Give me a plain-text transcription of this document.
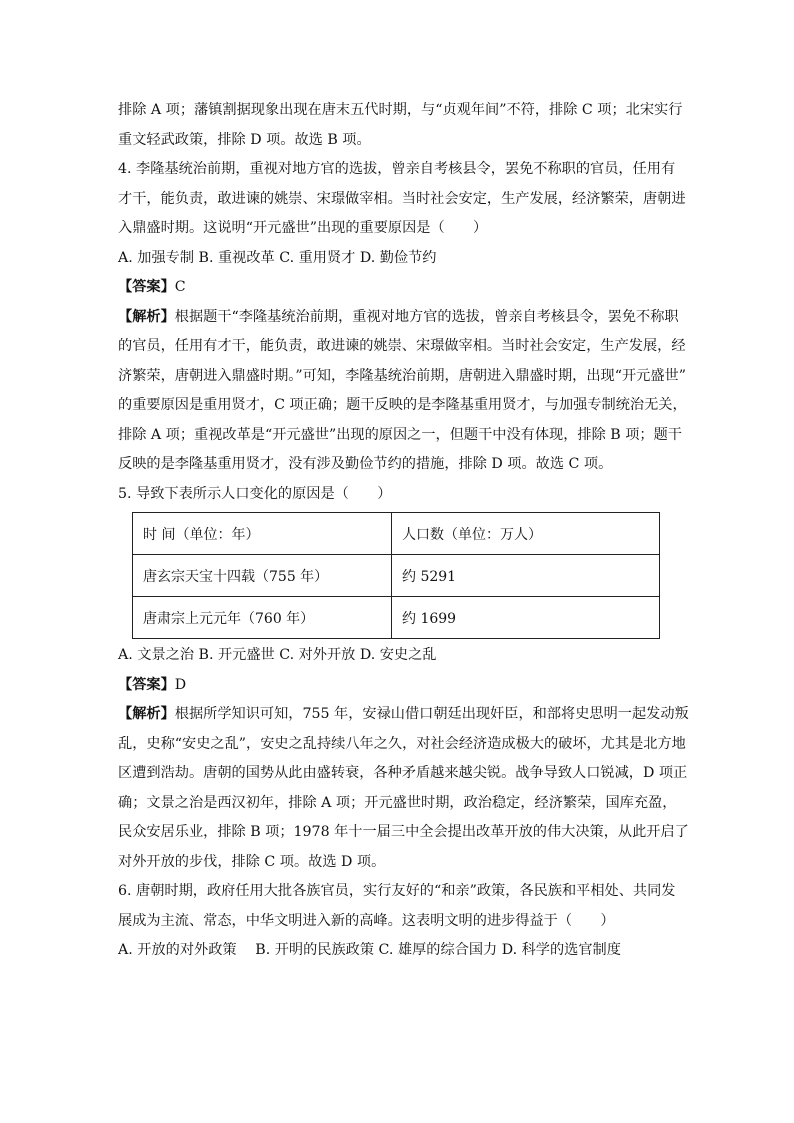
排除 A 项；藩镇割据现象出现在唐末五代时期，与“贞观年间”不符，排除 C 项；北宋实行
重文轻武政策，排除 D 项。故选 B 项。
4. 李隆基统治前期，重视对地方官的选拔，曾亲自考核县令，罢免不称职的官员，任用有
才干，能负责，敢进谏的姚崇、宋璟做宰相。当时社会安定，生产发展，经济繁荣，唐朝进
入鼎盛时期。这说明“开元盛世”出现的重要原因是（　　）
A. 加强专制 B. 重视改革 C. 重用贤才 D. 勤俭节约
【答案】C
【解析】根据题干“李隆基统治前期，重视对地方官的选拔，曾亲自考核县令，罢免不称职
的官员，任用有才干，能负责，敢进谏的姚崇、宋璟做宰相。当时社会安定，生产发展，经
济繁荣，唐朝进入鼎盛时期。”可知，李隆基统治前期，唐朝进入鼎盛时期，出现“开元盛世”
的重要原因是重用贤才，C 项正确；题干反映的是李隆基重用贤才，与加强专制统治无关，
排除 A 项；重视改革是“开元盛世”出现的原因之一，但题干中没有体现，排除 B 项；题干
反映的是李隆基重用贤才，没有涉及勤俭节约的措施，排除 D 项。故选 C 项。
5. 导致下表所示人口变化的原因是（　　）
时 间（单位：年）	人口数（单位：万人）
唐玄宗天宝十四载（755 年）	约 5291
唐肃宗上元元年（760 年）	约 1699
A. 文景之治 B. 开元盛世 C. 对外开放 D. 安史之乱
【答案】D
【解析】根据所学知识可知，755 年，安禄山借口朝廷出现奸臣，和部将史思明一起发动叛
乱，史称“安史之乱”，安史之乱持续八年之久，对社会经济造成极大的破坏，尤其是北方地
区遭到浩劫。唐朝的国势从此由盛转衰，各种矛盾越来越尖锐。战争导致人口锐减，D 项正
确；文景之治是西汉初年，排除 A 项；开元盛世时期，政治稳定，经济繁荣，国库充盈，
民众安居乐业，排除 B 项；1978 年十一届三中全会提出改革开放的伟大决策，从此开启了
对外开放的步伐，排除 C 项。故选 D 项。
6. 唐朝时期，政府任用大批各族官员，实行友好的“和亲”政策，各民族和平相处、共同发
展成为主流、常态，中华文明进入新的高峰。这表明文明的进步得益于（　　）
A. 开放的对外政策　 B. 开明的民族政策 C. 雄厚的综合国力 D. 科学的选官制度
